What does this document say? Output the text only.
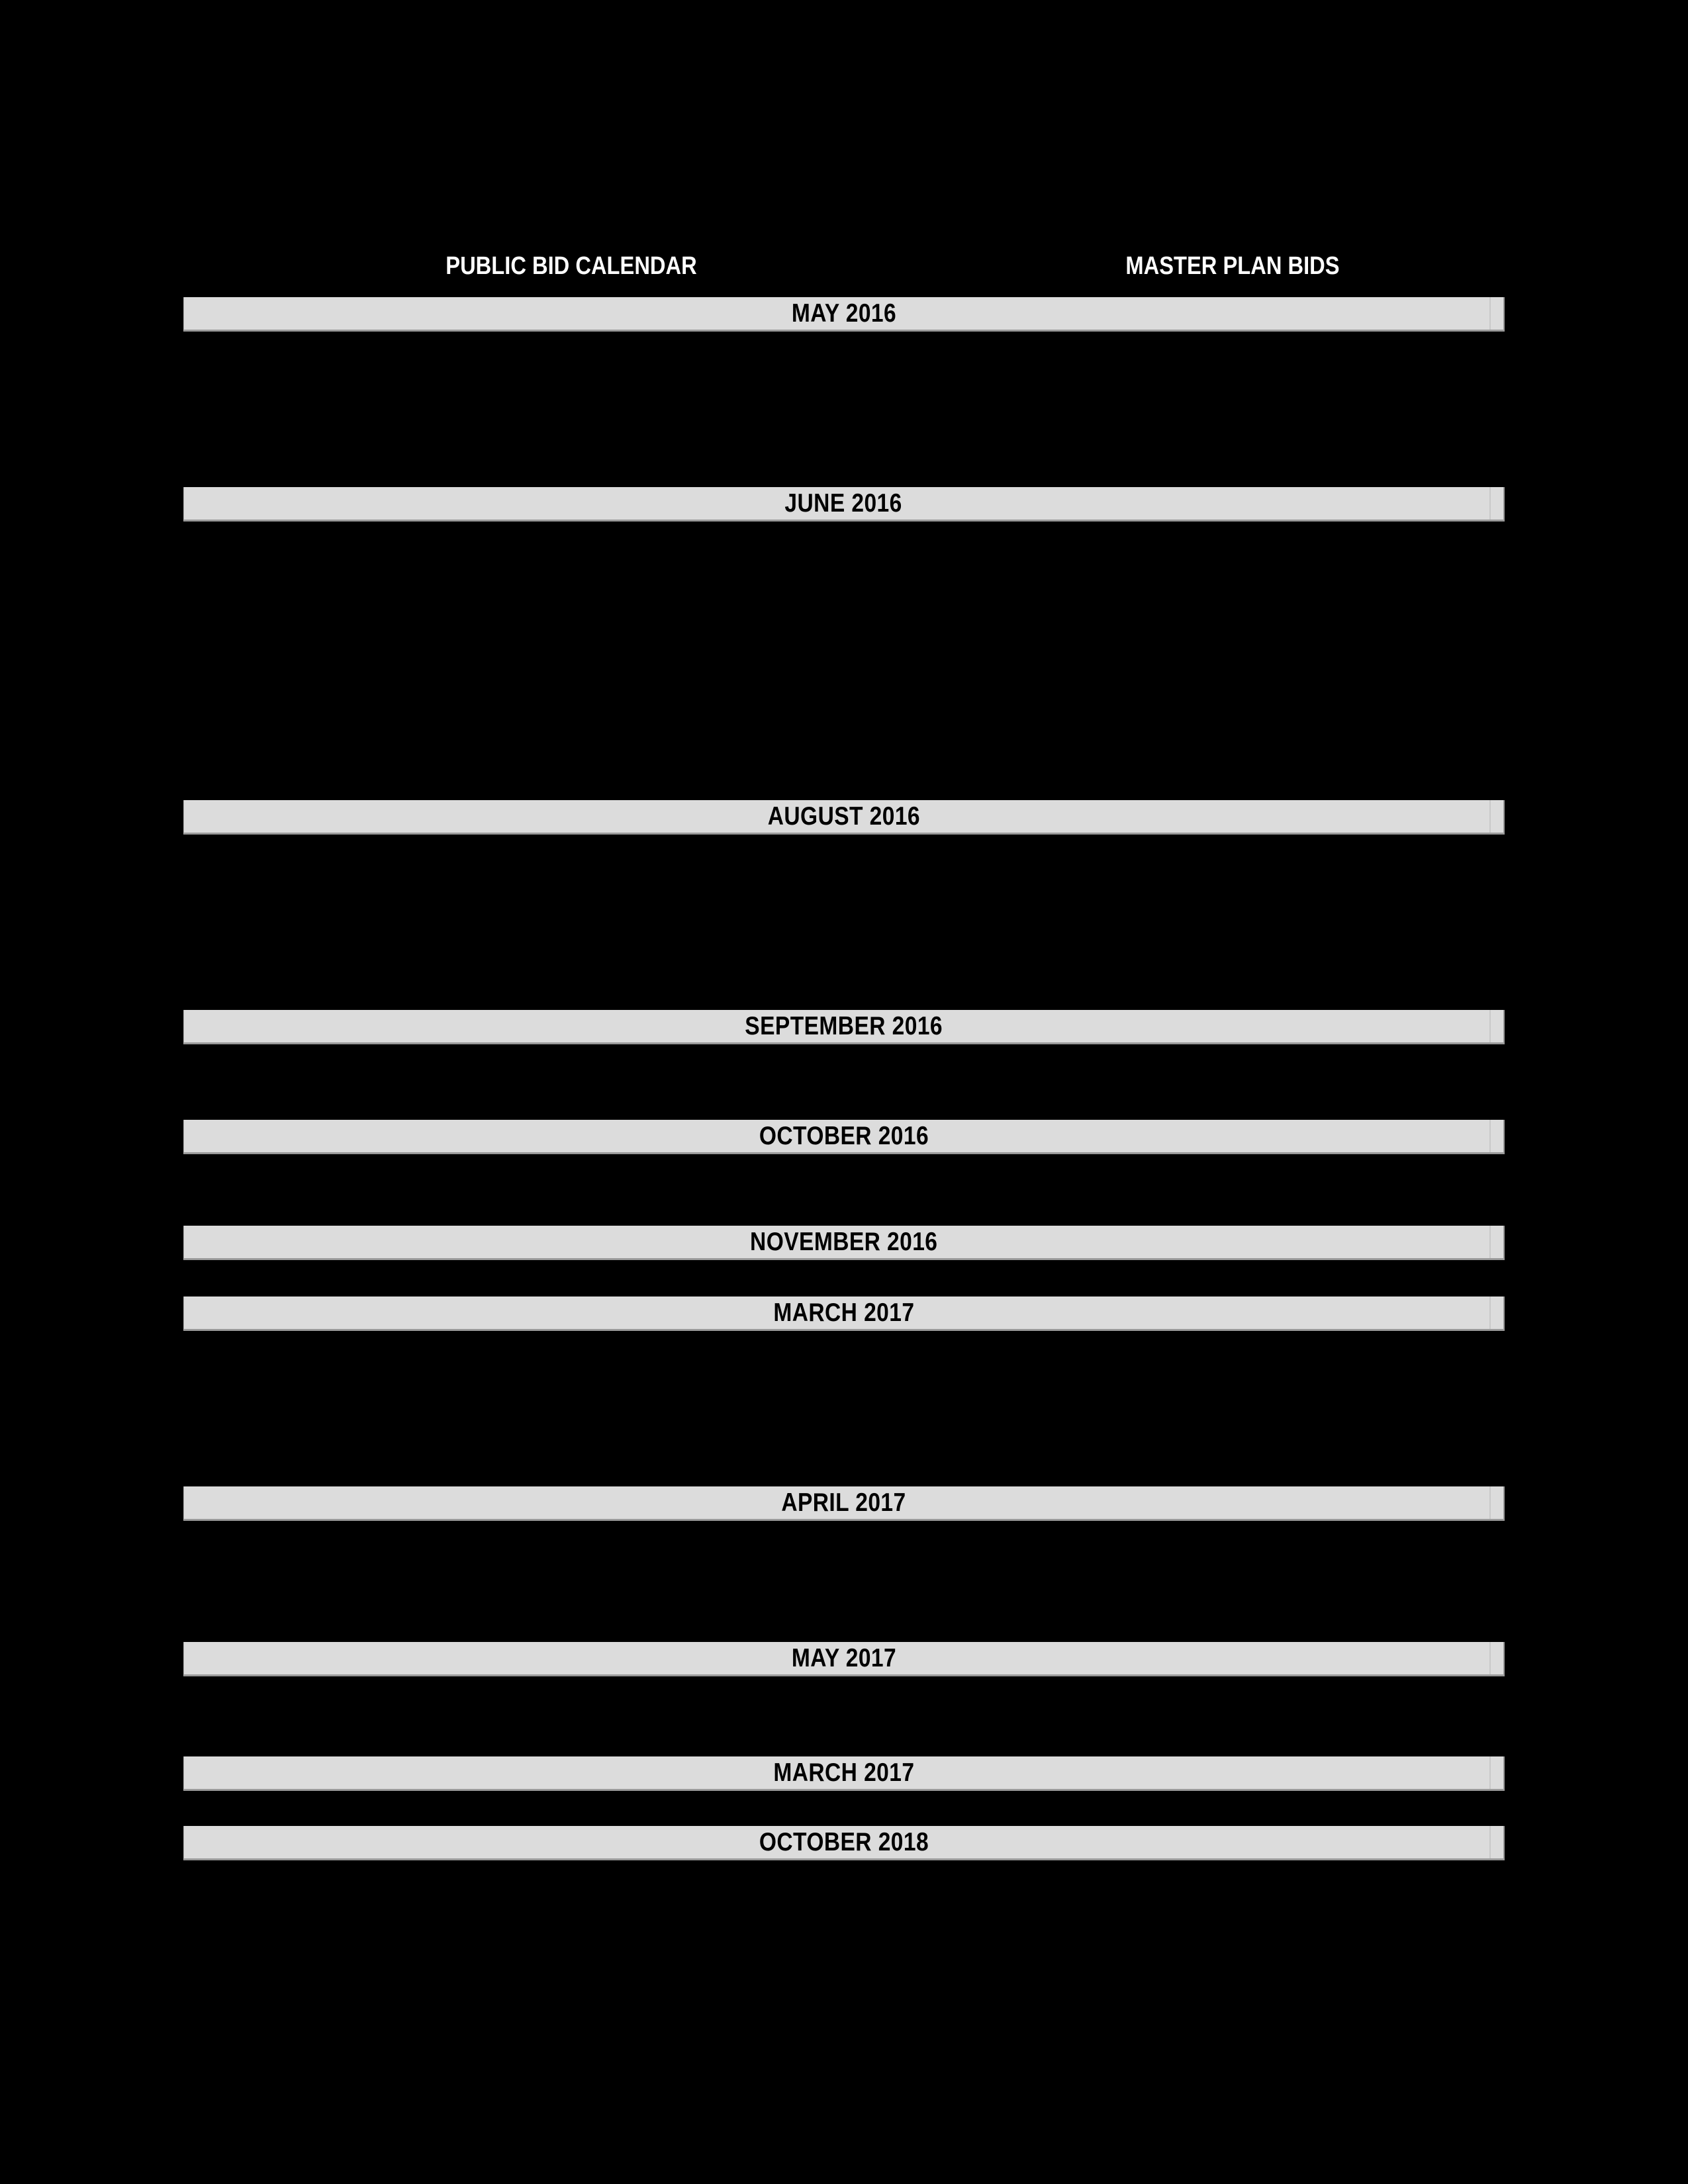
PUBLIC BID CALENDAR	MASTER PLAN BIDS
MAY 2016
JUNE 2016
AUGUST 2016
SEPTEMBER 2016
OCTOBER 2016
NOVEMBER 2016
MARCH 2017
APRIL 2017
MAY 2017
MARCH 2017
OCTOBER 2018
